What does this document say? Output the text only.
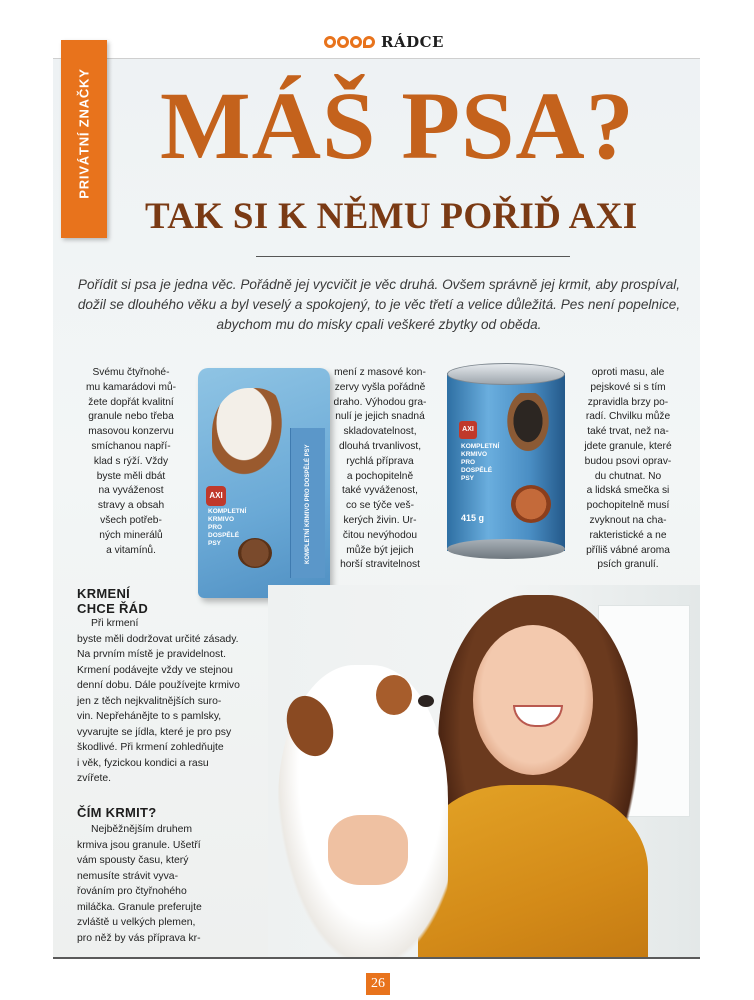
RÁDCE
PRIVÁTNÍ ZNAČKY MÁŠ PSA?
TAK SI K NĚMU POŘIĎ AXI
Pořídit si psa je jedna věc. Pořádně jej vycvičit je věc druhá. Ovšem správně jej krmit, aby prospíval, dožil se dlouhého věku a byl veselý a spokojený, to je věc třetí a velice důležitá. Pes není popelnice, abychom mu do misky cpali veškeré zbytky od obědа.

Svému čtyřnohé-

mu kamarádovi mů-

žete dopřát kvalitní

granule nebo třeba

masovou konzervu

smíchanou napří-

klad s rýží. Vždy

byste měli dbát

na vyváženost

stravy a obsah

všech potřeb-

ných minerálů

a vitamínů.

mení z masové kon-

zervy vyšla pořádně

draho. Výhodou gra-

nulí je jejich snadná

skladovatelnost,

dlouhá trvanlivost,

rychlá příprava

a pochopitelně

také vyváženost,

co se týče veš-

kerých živin. Ur-

čitou nevýhodou

může být jejich

horší stravitelnost

oproti masu, ale

pejskové si s tím

zpravidla brzy po-

radí. Chvilku může

také trvat, než na-

jdete granule, které

budou psovi oprav-

du chutnat. No

a lidská smečka si

pochopitelně musí

zvyknout na cha-

rakteristické a ne

příliš vábné aroma

psích granulí.

AXI
KOMPLETNÍ
KRMIVO
PRO
DOSPĚLÉ
PSY	KOMPLETNÍ KRMIVO PRO DOSPĚLÉ PSY
AXI
KOMPLETNÍ
KRMIVO
PRO
DOSPĚLÉ
PSY
415 g
KRMENÍ
CHCE ŘÁD
Při krmení
byste měli dodržovat určité zásady.
Na prvním místě je pravidelnost.
Krmení podávejte vždy ve stejnou
denní dobu. Dále používejte krmivo
jen z těch nejkvalitnějších suro-
vin. Nepřehánějte to s pamlsky,
vyvarujte se jídla, které je pro psy
škodlivé. Při krmení zohledňujte
i věk, fyzickou kondici a rasu
zvířete.
ČÍM KRMIT?
Nejběžnějším druhem
krmiva jsou granule. Ušetří
vám spousty času, který
nemusíte strávit vyva-
řováním pro čtyřnohého
miláčka. Granule preferujte
zvláště u velkých plemen,
pro něž by vás příprava kr-
26
